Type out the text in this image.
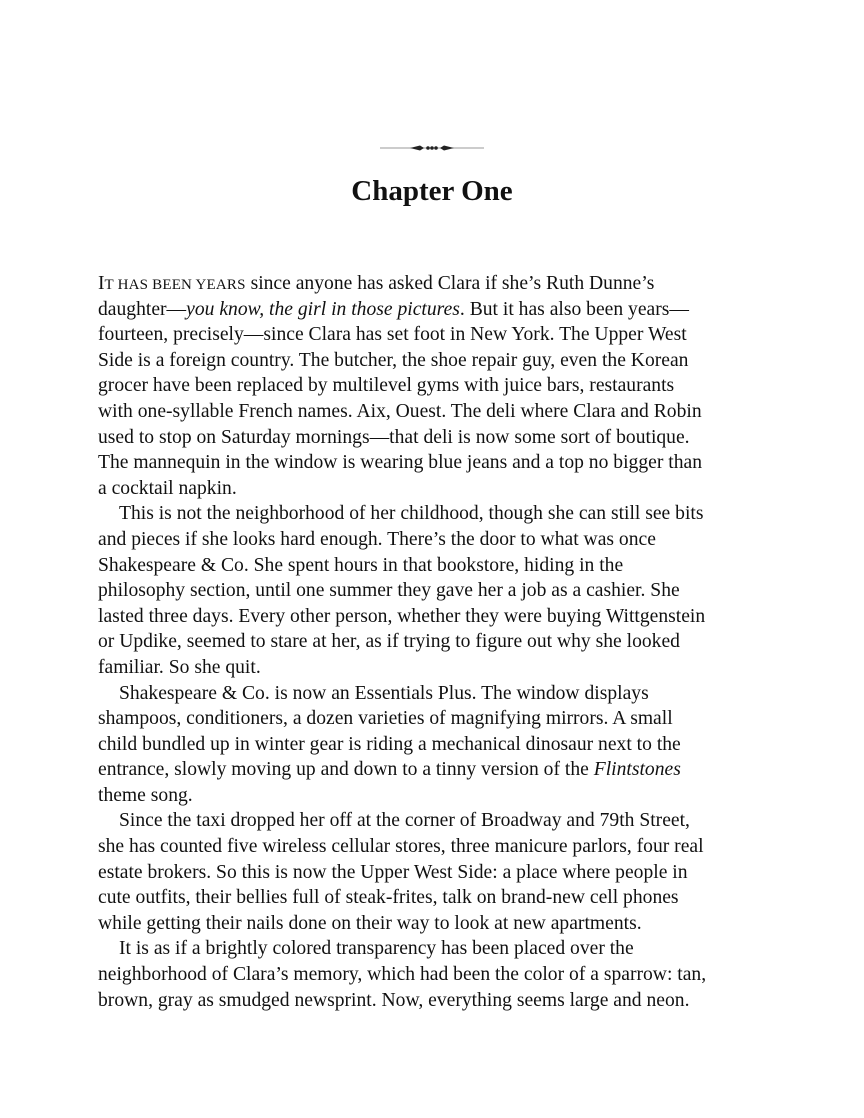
Chapter One
IT HAS BEEN YEARS since anyone has asked Clara if she’s Ruth Dunne’s
daughter—you know, the girl in those pictures. But it has also been years—
fourteen, precisely—since Clara has set foot in New York. The Upper West
Side is a foreign country. The butcher, the shoe repair guy, even the Korean
grocer have been replaced by multilevel gyms with juice bars, restaurants
with one-syllable French names. Aix, Ouest. The deli where Clara and Robin
used to stop on Saturday mornings—that deli is now some sort of boutique.
The mannequin in the window is wearing blue jeans and a top no bigger than
a cocktail napkin.
This is not the neighborhood of her childhood, though she can still see bits
and pieces if she looks hard enough. There’s the door to what was once
Shakespeare & Co. She spent hours in that bookstore, hiding in the
philosophy section, until one summer they gave her a job as a cashier. She
lasted three days. Every other person, whether they were buying Wittgenstein
or Updike, seemed to stare at her, as if trying to figure out why she looked
familiar. So she quit.
Shakespeare & Co. is now an Essentials Plus. The window displays
shampoos, conditioners, a dozen varieties of magnifying mirrors. A small
child bundled up in winter gear is riding a mechanical dinosaur next to the
entrance, slowly moving up and down to a tinny version of the Flintstones
theme song.
Since the taxi dropped her off at the corner of Broadway and 79th Street,
she has counted five wireless cellular stores, three manicure parlors, four real
estate brokers. So this is now the Upper West Side: a place where people in
cute outfits, their bellies full of steak-frites, talk on brand-new cell phones
while getting their nails done on their way to look at new apartments.
It is as if a brightly colored transparency has been placed over the
neighborhood of Clara’s memory, which had been the color of a sparrow: tan,
brown, gray as smudged newsprint. Now, everything seems large and neon.
